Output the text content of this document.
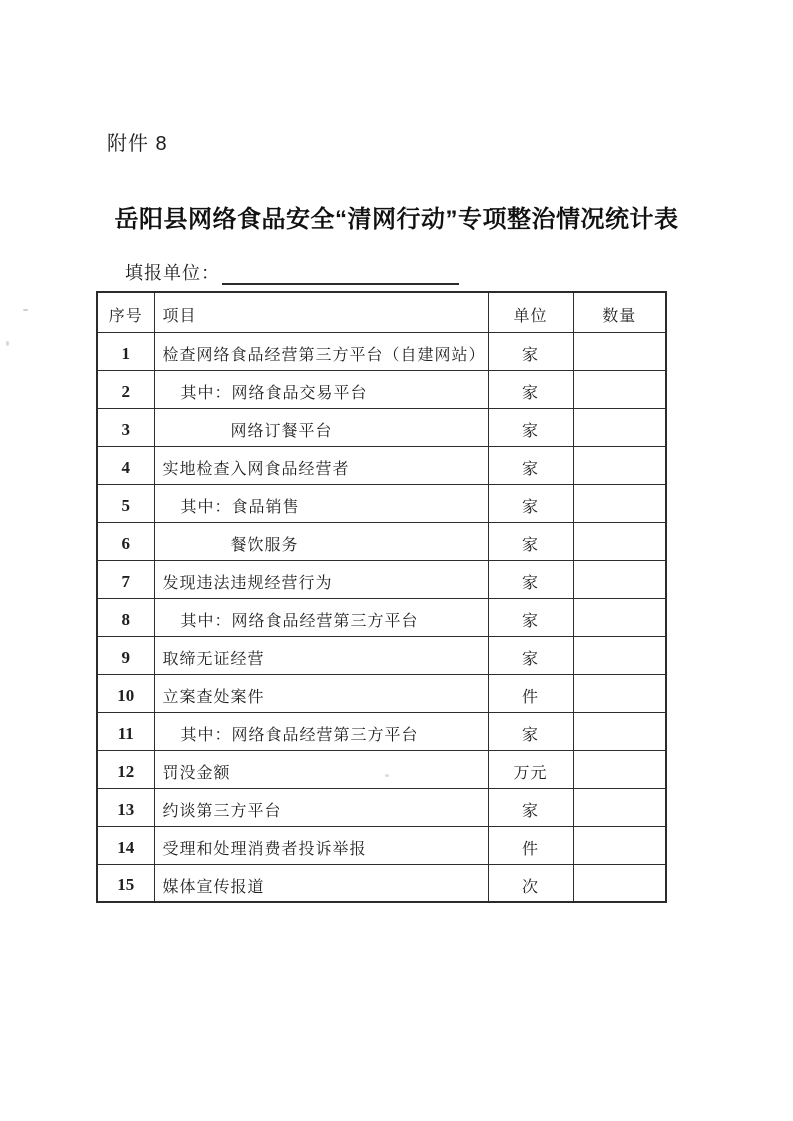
附件 8
岳阳县网络食品安全“清网行动”专项整治情况统计表
填报单位：
序号	项目	单位	数量
1	检查网络食品经营第三方平台（自建网站）	家	
2	其中：网络食品交易平台	家	
3	网络订餐平台	家	
4	实地检查入网食品经营者	家	
5	其中：食品销售	家	
6	餐饮服务	家	
7	发现违法违规经营行为	家	
8	其中：网络食品经营第三方平台	家	
9	取缔无证经营	家	
10	立案查处案件	件	
11	其中：网络食品经营第三方平台	家	
12	罚没金额	万元	
13	约谈第三方平台	家	
14	受理和处理消费者投诉举报	件	
15	媒体宣传报道	次	
